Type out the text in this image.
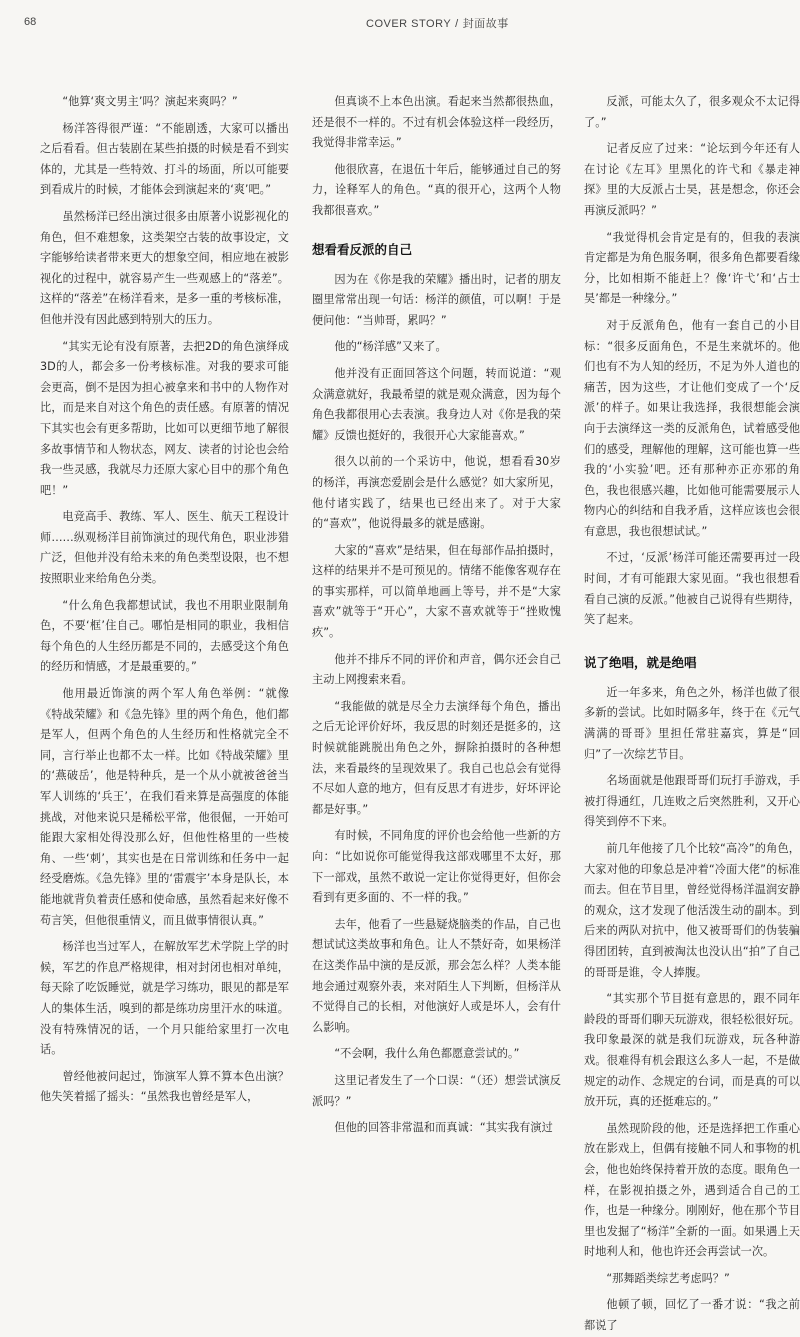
68	COVER STORY / 封面故事

“他算‘爽文男主’吗？演起来爽吗？”

杨洋答得很严谨：“不能剧透，大家可以播出之后看看。但古装剧在某些拍摄的时候是看不到实体的，尤其是一些特效、打斗的场面，所以可能要到看成片的时候，才能体会到演起来的‘爽’吧。”

虽然杨洋已经出演过很多由原著小说影视化的角色，但不难想象，这类架空古装的故事设定，文字能够给读者带来更大的想象空间，相应地在被影视化的过程中，就容易产生一些观感上的“落差”。这样的“落差”在杨洋看来，是多一重的考核标准，但他并没有因此感到特别大的压力。

“其实无论有没有原著，去把2D的角色演绎成3D的人，都会多一份考核标准。对我的要求可能会更高，倒不是因为担心被拿来和书中的人物作对比，而是来自对这个角色的责任感。有原著的情况下其实也会有更多帮助，比如可以更细节地了解很多故事情节和人物状态，网友、读者的讨论也会给我一些灵感，我就尽力还原大家心目中的那个角色吧！”

电竞高手、教练、军人、医生、航天工程设计师……纵观杨洋目前饰演过的现代角色，职业涉猎广泛，但他并没有给未来的角色类型设限，也不想按照职业来给角色分类。

“什么角色我都想试试，我也不用职业限制角色，不要‘框’住自己。哪怕是相同的职业，我相信每个角色的人生经历都是不同的，去感受这个角色的经历和情感，才是最重要的。”

他用最近饰演的两个军人角色举例：“就像《特战荣耀》和《急先锋》里的两个角色，他们都是军人，但两个角色的人生经历和性格就完全不同，言行举止也都不太一样。比如《特战荣耀》里的‘燕破岳’，他是特种兵，是一个从小就被爸爸当军人训练的‘兵王’，在我们看来算是高强度的体能挑战，对他来说只是稀松平常，他很倔，一开始可能跟大家相处得没那么好，但他性格里的一些棱角、一些‘刺’，其实也是在日常训练和任务中一起经受磨炼。《急先锋》里的‘雷震宇’本身是队长，本能地就背负着责任感和使命感，虽然看起来好像不苟言笑，但他很重情义，而且做事情很认真。”

杨洋也当过军人，在解放军艺术学院上学的时候，军艺的作息严格规律，相对封闭也相对单纯，每天除了吃饭睡觉，就是学习练功，眼见的都是军人的集体生活，嗅到的都是练功房里汗水的味道。没有特殊情况的话，一个月只能给家里打一次电话。

曾经他被问起过，饰演军人算不算本色出演？他失笑着摇了摇头：“虽然我也曾经是军人，

但真谈不上本色出演。看起来当然都很热血，还是很不一样的。不过有机会体验这样一段经历，我觉得非常幸运。”

他很欣喜，在退伍十年后，能够通过自己的努力，诠释军人的角色。“真的很开心，这两个人物我都很喜欢。”

想看看反派的自己

因为在《你是我的荣耀》播出时，记者的朋友圈里常常出现一句话：杨洋的颜值，可以啊！于是便问他：“当帅哥，累吗？”

他的“杨洋感”又来了。

他并没有正面回答这个问题，转而说道：“观众满意就好，我最希望的就是观众满意，因为每个角色我都很用心去表演。我身边人对《你是我的荣耀》反馈也挺好的，我很开心大家能喜欢。”

很久以前的一个采访中，他说，想看看30岁的杨洋，再演恋爱剧会是什么感觉？如大家所见，他付诸实践了，结果也已经出来了。对于大家的“喜欢”，他说得最多的就是感谢。

大家的“喜欢”是结果，但在每部作品拍摄时，这样的结果并不是可预见的。情绪不能像客观存在的事实那样，可以简单地画上等号，并不是“大家喜欢”就等于“开心”，大家不喜欢就等于“挫败愧疚”。

他并不排斥不同的评价和声音，偶尔还会自己主动上网搜索来看。

“我能做的就是尽全力去演绎每个角色，播出之后无论评价好坏，我反思的时刻还是挺多的，这时候就能跳脱出角色之外，摒除拍摄时的各种想法，来看最终的呈现效果了。我自己也总会有觉得不尽如人意的地方，但有反思才有进步，好坏评论都是好事。”

有时候，不同角度的评价也会给他一些新的方向：“比如说你可能觉得我这部戏哪里不太好，那下一部戏，虽然不敢说一定让你觉得更好，但你会看到有更多面的、不一样的我。”

去年，他看了一些悬疑烧脑类的作品，自己也想试试这类故事和角色。让人不禁好奇，如果杨洋在这类作品中演的是反派，那会怎么样？人类本能地会通过观察外表，来对陌生人下判断，但杨洋从不觉得自己的长相，对他演好人或是坏人，会有什么影响。

“不会啊，我什么角色都愿意尝试的。”

这里记者发生了一个口误：“（还）想尝试演反派吗？”

但他的回答非常温和而真诚：“其实我有演过

反派，可能太久了，很多观众不太记得了。”

记者反应了过来：“论坛到今年还有人在讨论《左耳》里黑化的许弋和《暴走神探》里的大反派占士昊，甚是想念，你还会再演反派吗？”

“我觉得机会肯定是有的，但我的表演肯定都是为角色服务啊，很多角色都要看缘分，比如相斯不能赶上？像‘许弋’和‘占士昊’都是一种缘分。”

对于反派角色，他有一套自己的小目标：“很多反面角色，不是生来就坏的。他们也有不为人知的经历，不足为外人道也的痛苦，因为这些，才让他们变成了一个‘反派’的样子。如果让我选择，我很想能会演向于去演绎这一类的反派角色，试着感受他们的感受，理解他的理解，这可能也算一些我的‘小实验’吧。还有那种亦正亦邪的角色，我也很感兴趣，比如他可能需要展示人物内心的纠结和自我矛盾，这样应该也会很有意思，我也很想试试。”

不过，‘反派’杨洋可能还需要再过一段时间，才有可能跟大家见面。“我也很想看看自己演的反派。”他被自己说得有些期待，笑了起来。

说了绝唱，就是绝唱

近一年多来，角色之外，杨洋也做了很多新的尝试。比如时隔多年，终于在《元气满满的哥哥》里担任常驻嘉宾，算是“回归”了一次综艺节目。

名场面就是他跟哥哥们玩打手游戏，手被打得通红，几连败之后突然胜利，又开心得笑到停不下来。

前几年他接了几个比较“高冷”的角色，大家对他的印象总是冲着“冷面大佬”的标准而去。但在节目里，曾经觉得杨洋温润安静的观众，这才发现了他活泼生动的副本。到后来的两队对抗中，他又被哥哥们的伪装骗得团团转，直到被淘汰也没认出“拍”了自己的哥哥是谁，令人捧腹。

“其实那个节目挺有意思的，跟不同年龄段的哥哥们聊天玩游戏，很轻松很好玩。我印象最深的就是我们玩游戏，玩各种游戏。很难得有机会跟这么多人一起，不是做规定的动作、念规定的台词，而是真的可以放开玩，真的还挺难忘的。”

虽然现阶段的他，还是选择把工作重心放在影戏上，但偶有接触不同人和事物的机会，他也始终保持着开放的态度。眼角色一样，在影视拍摄之外，遇到适合自己的工作，也是一种缘分。刚刚好，他在那个节目里也发掘了“杨洋”全新的一面。如果遇上天时地利人和，他也许还会再尝试一次。

“那舞蹈类综艺考虑吗？”

他顿了顿，回忆了一番才说：“我之前都说了
